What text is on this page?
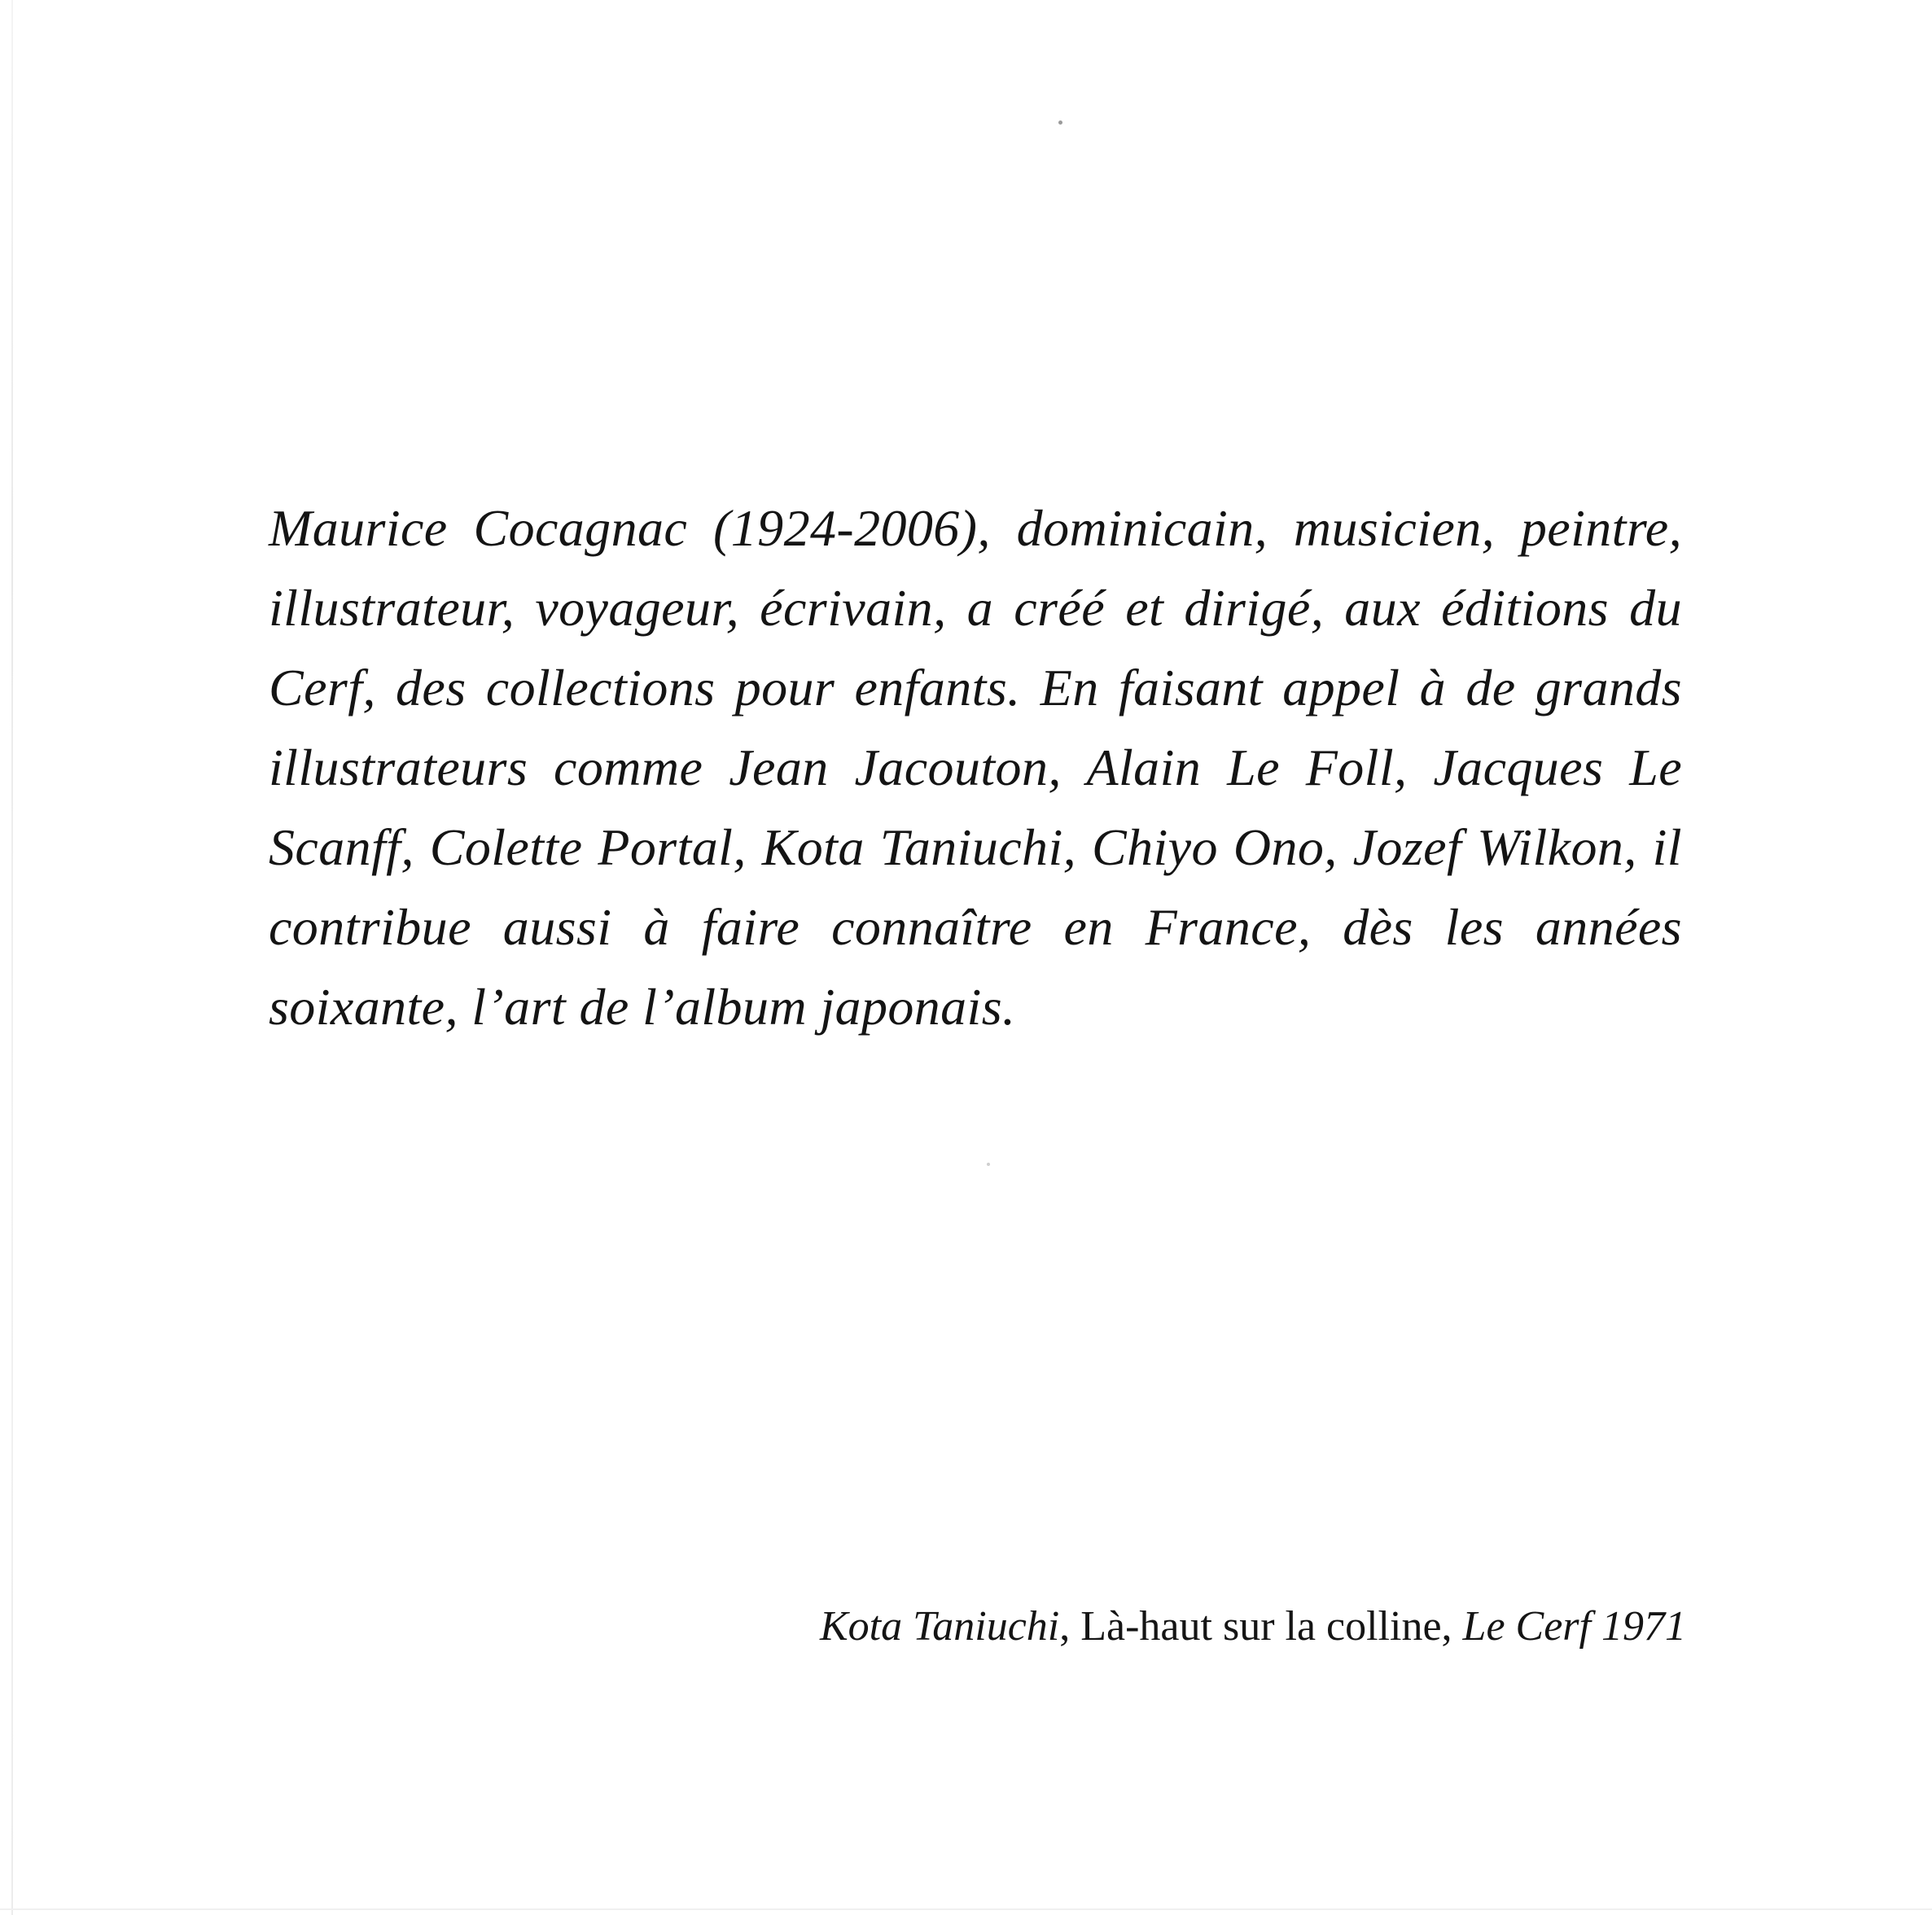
Maurice Cocagnac (1924-2006), dominicain, musicien, peintre, illustrateur, voyageur, écrivain, a créé et dirigé, aux éditions du Cerf, des collections pour enfants. En faisant appel à de grands illustrateurs comme Jean Jacouton, Alain Le Foll, Jacques Le Scanff, Colette Portal, Kota Taniuchi, Chiyo Ono, Jozef Wilkon, il contribue aussi à faire connaître en France, dès les années soixante, l’art de l’album japonais.

Kota Taniuchi, Là-haut sur la colline, Le Cerf 1971
